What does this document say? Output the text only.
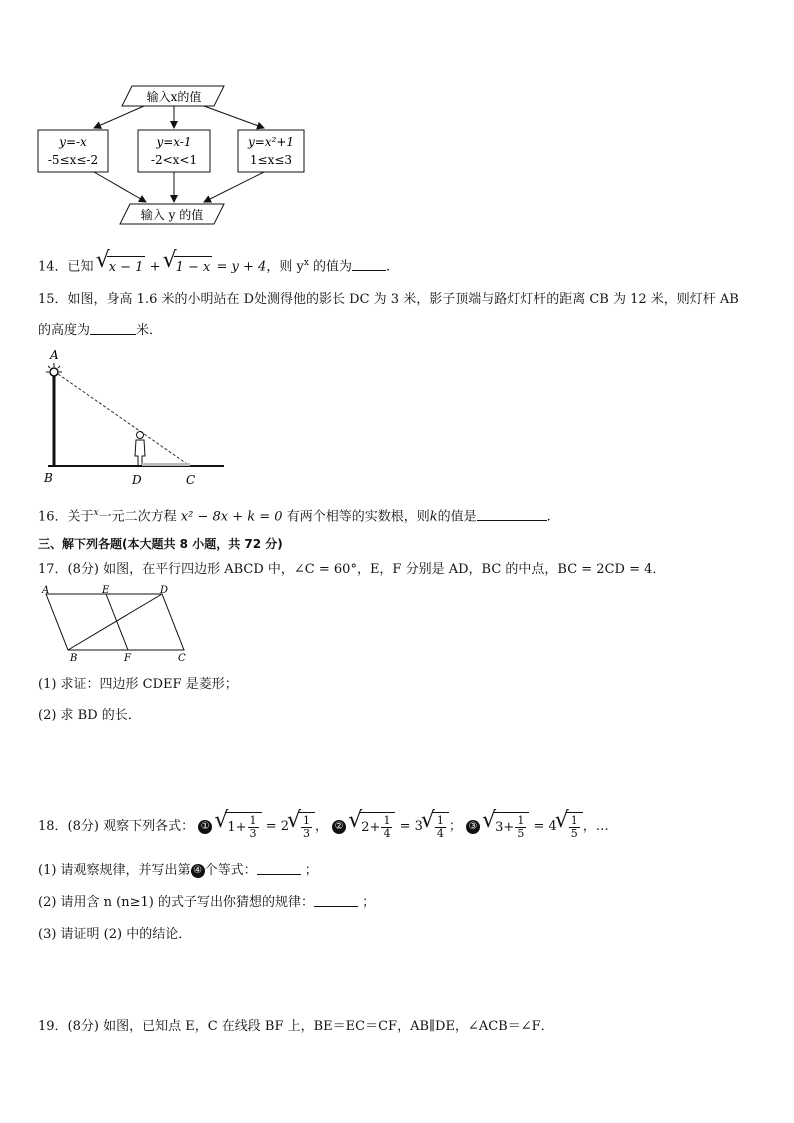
输入x的值
y=-x
-5≤x≤-2
y=x-1
-2<x<1
y=x²+1
1≤x≤3
输入 y 的值
14．已知 √ x − 1 + √ 1 − x = y + 4，则 $y^x$ 的值为	.
15．如图，身高 1.6 米的小明站在 D处测得他的影长 DC 为 3 米，影子顶端与路灯灯杆的距离 CB 为 12 米，则灯杆 AB
的高度为	米．
A
B	D	C
16．关于$^x$一元二次方程 x² − 8x + k = 0 有两个相等的实数根，则k的值是	.
三、解下列各题(本大题共 8 小题，共 72 分)
17．(8分) 如图，在平行四边形 ABCD 中，∠C = 60°，E，F 分别是 AD，BC 的中点，BC = 2CD = 4．
A	E	D
B	F	C
(1) 求证：四边形 CDEF 是菱形；
(2) 求 BD 的长．
18．(8分) 观察下列各式： ① √ $1+ \frac{1}{3} = 2$ √ $\frac{1}{3}$ ， ② √ $2+ \frac{1}{4} = 3$ √ $\frac{1}{4}$ ； ③ √ $3+ \frac{1}{5} = 4$ √ $\frac{1}{5}$ ，…
(1) 请观察规律，并写出第 ④ 个等式：	；
(2) 请用含 n (n≥1) 的式子写出你猜想的规律：	；
(3) 请证明 (2) 中的结论．
19．(8分) 如图，已知点 E，C 在线段 BF 上，BE＝EC＝CF，AB∥DE，∠ACB＝∠F．
